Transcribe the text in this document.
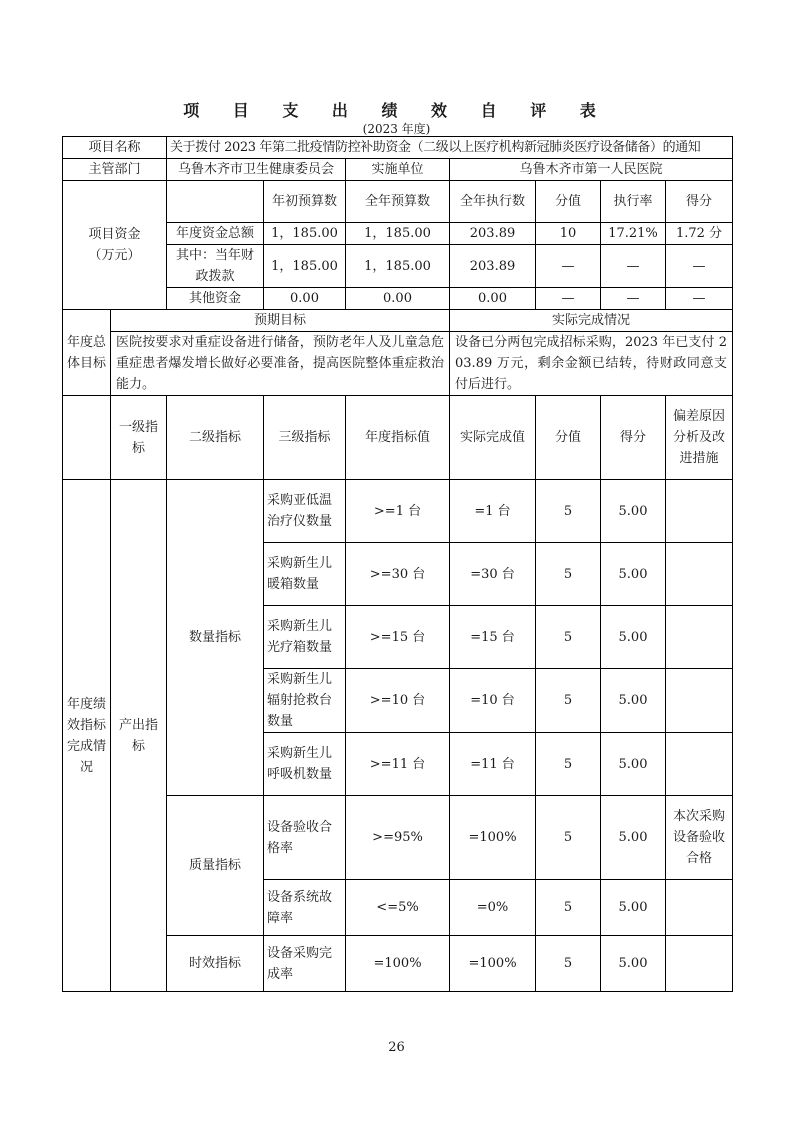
项 目 支 出 绩 效 自 评 表
(2023 年度)
项目名称		关于拨付 2023 年第二批疫情防控补助资金（二级以上医疗机构新冠肺炎医疗设备储备）的通知						
主管部门		乌鲁木齐市卫生健康委员会		实施单位	乌鲁木齐市第一人民医院			
项目资金
（万元）			年初预算数	全年预算数	全年执行数	分值	执行率	得分
		年度资金总额	1，185.00	1，185.00	203.89	10	17.21%	1.72 分
		其中：当年财政拨款	1，185.00	1，185.00	203.89	—	—	—
		其他资金	0.00	0.00	0.00	—	—	—
年度总体目标	预期目标				实际完成情况			
	医院按要求对重症设备进行储备，预防老年人及儿童急危重症患者爆发增长做好必要准备，提高医院整体重症救治能力。				设备已分两包完成招标采购，2023 年已支付 203.89 万元，剩余金额已结转，待财政同意支付后进行。			
	一级指标	二级指标	三级指标	年度指标值	实际完成值	分值	得分	偏差原因分析及改进措施
年度绩效指标完成情况	产出指标	数量指标	采购亚低温治疗仪数量	>=1 台	=1 台	5	5.00	
			采购新生儿暖箱数量	>=30 台	=30 台	5	5.00	
			采购新生儿光疗箱数量	>=15 台	=15 台	5	5.00	
			采购新生儿辐射抢救台数量	>=10 台	=10 台	5	5.00	
			采购新生儿呼吸机数量	>=11 台	=11 台	5	5.00	
		质量指标	设备验收合格率	>=95%	=100%	5	5.00	本次采购设备验收合格
			设备系统故障率	<=5%	=0%	5	5.00	
		时效指标	设备采购完成率	=100%	=100%	5	5.00	
26
